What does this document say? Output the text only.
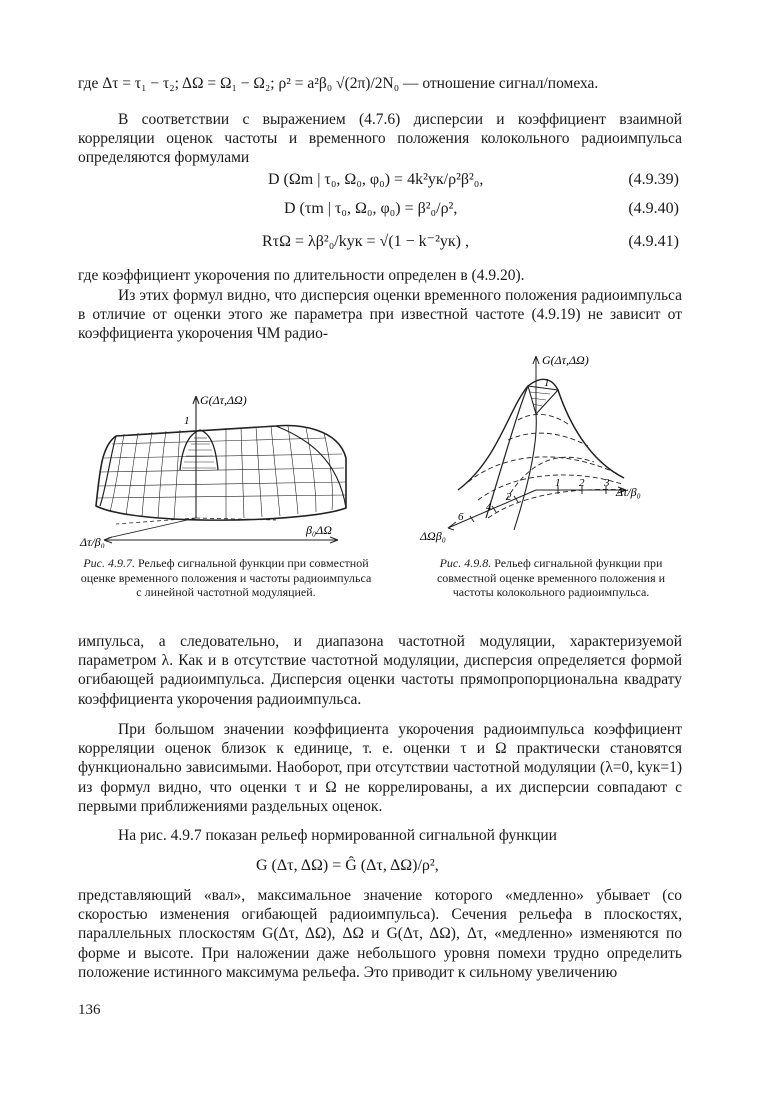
где Δτ = τ₁ − τ₂; ΔΩ = Ω₁ − Ω₂; ρ² = a²β₀ √(2π)/2N₀ — отношение сигнал/помеха.

В соответствии с выражением (4.7.6) дисперсии и коэффициент взаимной корреляции оценок частоты и временного положения колокольного радиоимпульса определяются формулами

D (Ωm | τ₀, Ω₀, φ₀) = 4k²ук/ρ²β²₀,	(4.9.39)
D (τm | τ₀, Ω₀, φ₀) = β²₀/ρ²,	(4.9.40)
RτΩ = λβ²₀/kук = √(1 − k⁻²ук) ,	(4.9.41)

где коэффициент укорочения по длительности определен в (4.9.20).

Из этих формул видно, что дисперсия оценки временного положения радиоимпульса в отличие от оценки этого же параметра при известной частоте (4.9.19) не зависит от коэффициента укорочения ЧМ радио-

G(Δτ,ΔΩ)
1
Δτ/β₀
β₀ΔΩ
Рис. 4.9.7. Рельеф сигнальной функции при совместной оценке временного положения и частоты радиоимпульса с линейной частотной модуляцией.
G(Δτ,ΔΩ)
1
1 2 3
2
4
6
Δτ/β₀
ΔΩβ₀
Рис. 4.9.8. Рельеф сигнальной функции при совместной оценке временного положения и частоты колокольного радиоимпульса.

импульса, а следовательно, и диапазона частотной модуляции, характеризуемой параметром λ. Как и в отсутствие частотной модуляции, дисперсия определяется формой огибающей радиоимпульса. Дисперсия оценки частоты прямопропорциональна квадрату коэффициента укорочения радиоимпульса.

При большом значении коэффициента укорочения радиоимпульса коэффициент корреляции оценок близок к единице, т. е. оценки τ и Ω практически становятся функционально зависимыми. Наоборот, при отсутствии частотной модуляции (λ=0, kук=1) из формул видно, что оценки τ и Ω не коррелированы, а их дисперсии совпадают с первыми приближениями раздельных оценок.

На рис. 4.9.7 показан рельеф нормированной сигнальной функции

G (Δτ, ΔΩ) = Ĝ (Δτ, ΔΩ)/ρ²,

представляющий «вал», максимальное значение которого «медленно» убывает (со скоростью изменения огибающей радиоимпульса). Сечения рельефа в плоскостях, параллельных плоскостям G(Δτ, ΔΩ), ΔΩ и G(Δτ, ΔΩ), Δτ, «медленно» изменяются по форме и высоте. При наложении даже небольшого уровня помехи трудно определить положение истинного максимума рельефа. Это приводит к сильному увеличению

136
